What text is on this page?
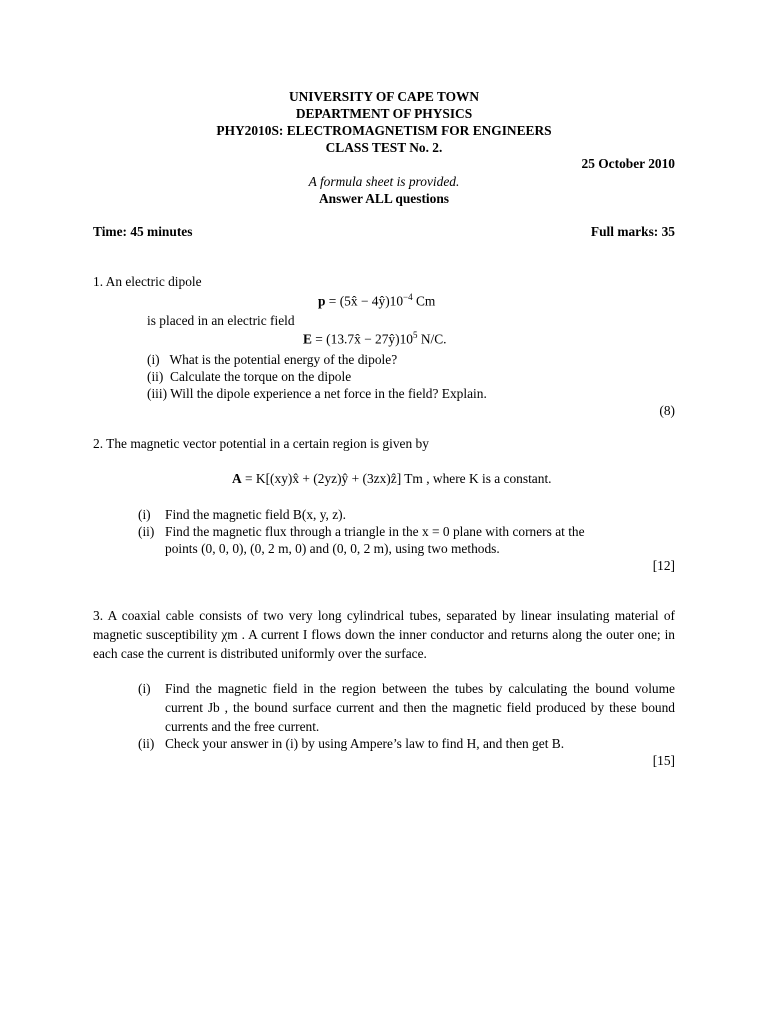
UNIVERSITY OF CAPE TOWN
DEPARTMENT OF PHYSICS
PHY2010S: ELECTROMAGNETISM FOR ENGINEERS
CLASS TEST No. 2.
25 October 2010
A formula sheet is provided.
Answer ALL questions
Time: 45 minutes	Full marks: 35
1. An electric dipole
p = (5x̂ − $4ŷ)10^{-4}$ Cm
is placed in an electric field
E = (13.7x̂ − $27ŷ)10^5$ N/C.
(i)   What is the potential energy of the dipole?
(ii)  Calculate the torque on the dipole
(iii) Will the dipole experience a net force in the field? Explain.
(8)
2. The magnetic vector potential in a certain region is given by
A = K[(xy)x̂ + (2yz)ŷ + (3zx)ẑ] Tm , where K is a constant.
(i) Find the magnetic field B(x, y, z).
(ii) Find the magnetic flux through a triangle in the x = 0 plane with corners at the
points (0, 0, 0), (0, 2 m, 0) and (0, 0, 2 m), using two methods.
[12]
3. A coaxial cable consists of two very long cylindrical tubes, separated by linear insulating material of magnetic susceptibility χm . A current I flows down the inner conductor and returns along the outer one; in each case the current is distributed uniformly over the surface.
(i) Find the magnetic field in the region between the tubes by calculating the bound volume current Jb , the bound surface current and then the magnetic field produced by these bound currents and the free current.
(ii) Check your answer in (i) by using Ampere’s law to find H, and then get B.
[15]
